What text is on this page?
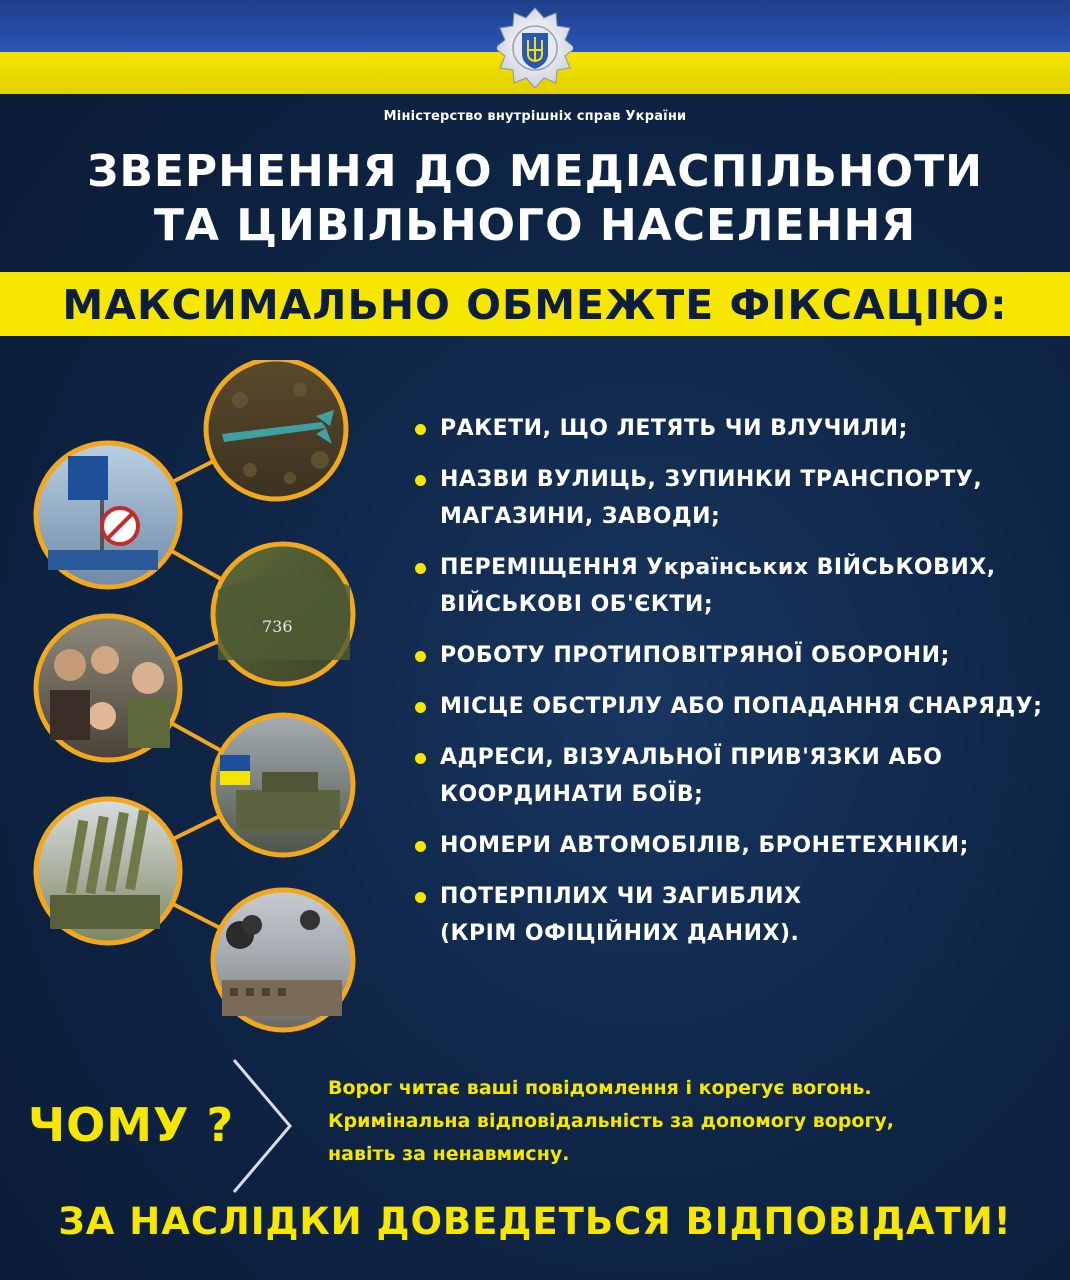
Міністерство внутрішніх справ України
ЗВЕРНЕННЯ ДО МЕДІАСПІЛЬНОТИ
ТА ЦИВІЛЬНОГО НАСЕЛЕННЯ
МАКСИМАЛЬНО ОБМЕЖТЕ ФІКСАЦІЮ:
736
РАКЕТИ, ЩО ЛЕТЯТЬ ЧИ ВЛУЧИЛИ;
НАЗВИ ВУЛИЦЬ, ЗУПИНКИ ТРАНСПОРТУ,
МАГАЗИНИ, ЗАВОДИ;
ПЕРЕМІЩЕННЯ Українських ВІЙСЬКОВИХ,
ВІЙСЬКОВІ ОБ'ЄКТИ;
РОБОТУ ПРОТИПОВІТРЯНОЇ ОБОРОНИ;
МІСЦЕ ОБСТРІЛУ АБО ПОПАДАННЯ СНАРЯДУ;
АДРЕСИ, ВІЗУАЛЬНОЇ ПРИВ'ЯЗКИ АБО
КООРДИНАТИ БОЇВ;
НОМЕРИ АВТОМОБІЛІВ, БРОНЕТЕХНІКИ;
ПОТЕРПІЛИХ ЧИ ЗАГИБЛИХ
(КРІМ ОФІЦІЙНИХ ДАНИХ).
ЧОМУ ?
Ворог читає ваші повідомлення і корегує вогонь.
Кримінальна відповідальність за допомогу ворогу,
навіть за ненавмисну.
ЗА НАСЛІДКИ ДОВЕДЕТЬСЯ ВІДПОВІДАТИ!
